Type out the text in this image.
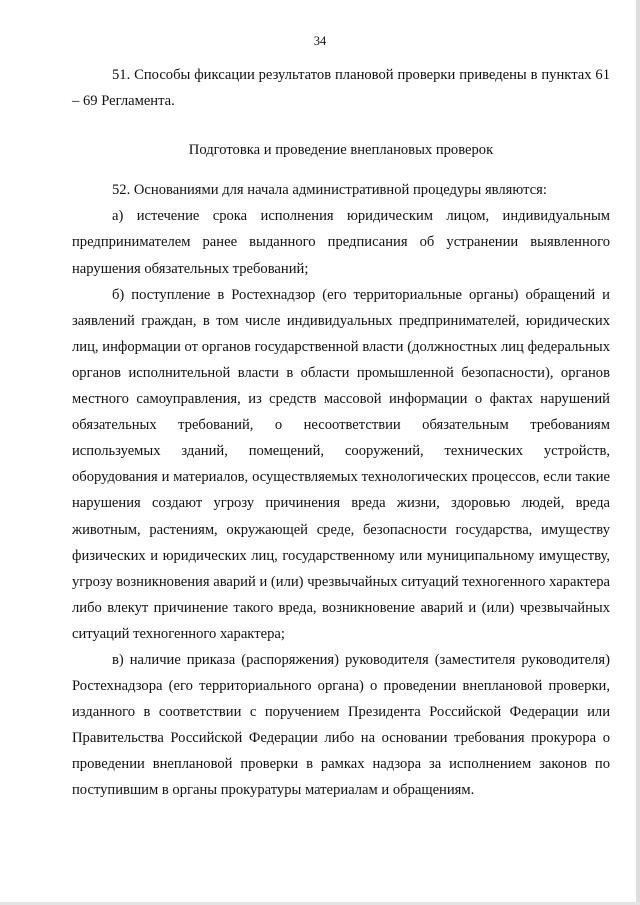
34

51. Способы фиксации результатов плановой проверки приведены в пунктах 61 – 69 Регламента.

Подготовка и проведение внеплановых проверок

52. Основаниями для начала административной процедуры являются:

а) истечение срока исполнения юридическим лицом, индивидуальным предпринимателем ранее выданного предписания об устранении выявленного нарушения обязательных требований;

б) поступление в Ростехнадзор (его территориальные органы) обращений и заявлений граждан, в том числе индивидуальных предпринимателей, юридических лиц, информации от органов государственной власти (должностных лиц федеральных органов исполнительной власти в области промышленной безопасности), органов местного самоуправления, из средств массовой информации о фактах нарушений обязательных требований, о несоответствии обязательным требованиям используемых зданий, помещений, сооружений, технических устройств, оборудования и материалов, осуществляемых технологических процессов, если такие нарушения создают угрозу причинения вреда жизни, здоровью людей, вреда животным, растениям, окружающей среде, безопасности государства, имуществу физических и юридических лиц, государственному или муниципальному имуществу, угрозу возникновения аварий и (или) чрезвычайных ситуаций техногенного характера либо влекут причинение такого вреда, возникновение аварий и (или) чрезвычайных ситуаций техногенного характера;

в) наличие приказа (распоряжения) руководителя (заместителя руководителя) Ростехнадзора (его территориального органа) о проведении внеплановой проверки, изданного в соответствии с поручением Президента Российской Федерации или Правительства Российской Федерации либо на основании требования прокурора о проведении внеплановой проверки в рамках надзора за исполнением законов по поступившим в органы прокуратуры материалам и обращениям.
